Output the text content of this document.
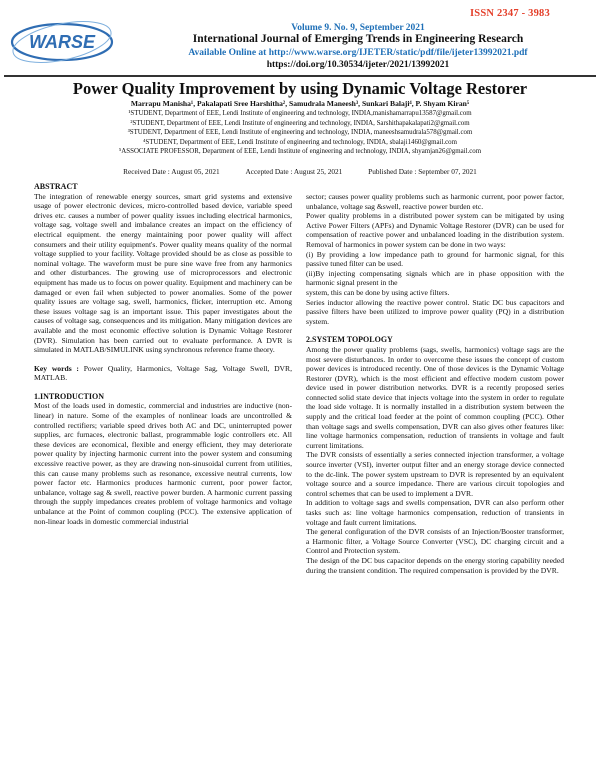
ISSN 2347 - 3983
WARSE
Volume 9. No. 9, September 2021
International Journal of Emerging Trends in Engineering Research
Available Online at http://www.warse.org/IJETER/static/pdf/file/ijeter13992021.pdf
https://doi.org/10.30534/ijeter/2021/13992021
Power Quality Improvement by using Dynamic Voltage Restorer
Marrapu Manisha¹, Pakalapati Sree Harshitha², Samudrala Maneesh³, Sunkari Balaji⁴, P. Shyam Kiran⁵
¹STUDENT, Department of EEE, Lendi Institute of engineering and technology, INDIA,manishamarrapu13587@gmail.com
²STUDENT, Department of EEE, Lendi Institute of engineering and technology, INDIA, Sarshithapakalapati2@gmail.com
³STUDENT, Department of EEE, Lendi Institute of engineering and technology, INDIA, maneeshsamudrala578@gmail.com
⁴STUDENT, Department of EEE, Lendi Institute of engineering and technology, INDIA, sbalaji1460@gmail.com
⁵ASSOCIATE PROFESSOR, Department of EEE, Lendi Institute of engineering and technology, INDIA, shyamjan26@gmail.com
Received Date : August 05, 2021	Accepted Date : August 25, 2021	Published Date : September 07, 2021

ABSTRACT

The integration of renewable energy sources, smart grid systems and extensive usage of power electronic devices, micro-controlled based device, variable speed drives etc. causes a number of power quality issues including electrical harmonics, voltage sag, voltage swell and imbalance creates an impact on the efficiency of electrical equipment. the energy maintaining poor power quality will affect consumers and their utility equipment's. Power quality means quality of the normal voltage supplied to your facility. Voltage provided should be as close as possible to nominal voltage. The waveform must be pure sine wave free from any harmonics and other disturbances. The growing use of microprocessors and electronic equipment has made us to focus on power quality. Equipment and machinery can be damaged or even fail when subjected to power anomalies. Some of the power quality issues are voltage sag, swell, harmonics, flicker, interruption etc. Among these issues voltage sag is an important issue. This paper investigates about the causes of voltage sag, consequences and its mitigation. Many mitigation devices are available and the most economic effective solution is Dynamic Voltage Restorer (DVR). Simulation has been carried out to evaluate performance. A DVR is simulated in MATLAB/SIMULINK using synchronous reference frame theory.

Key words : Power Quality, Harmonics, Voltage Sag, Voltage Swell, DVR, MATLAB.

1.INTRODUCTION

Most of the loads used in domestic, commercial and industries are inductive (non-linear) in nature. Some of the examples of nonlinear loads are uncontrolled & controlled rectifiers; variable speed drives both AC and DC, uninterrupted power supplies, arc furnaces, electronic ballast, programmable logic controllers etc. All these devices are economical, flexible and energy efficient, they may deteriorate power quality by injecting harmonic current into the power system and consuming excessive reactive power, as they are drawing non-sinusoidal current from utilities, this can cause many problems such as resonance, excessive neutral currents, low power factor etc. Harmonics produces harmonic current, poor power factor, unbalance, voltage sag & swell, reactive power burden. A harmonic current passing through the supply impedances creates problem of voltage harmonics and voltage unbalance at the Point of common coupling (PCC). The extensive application of non-linear loads in domestic commercial industrial

sector; causes power quality problems such as harmonic current, poor power factor, unbalance, voltage sag &swell, reactive power burden etc.

Power quality problems in a distributed power system can be mitigated by using Active Power Filters (APFs) and Dynamic Voltage Restorer (DVR) can be used for compensation of reactive power and unbalanced loading in the distribution system. Removal of harmonics in power system can be done in two ways:

(i) By providing a low impedance path to ground for harmonic signal, for this passive tuned filter can be used.

(ii)By injecting compensating signals which are in phase opposition with the harmonic signal present in the

system, this can be done by using active filters.

Series inductor allowing the reactive power control. Static DC bus capacitors and passive filters have been utilized to improve power quality (PQ) in a distribution system.

2.SYSTEM TOPOLOGY

Among the power quality problems (sags, swells, harmonics) voltage sags are the most severe disturbances. In order to overcome these issues the concept of custom power devices is introduced recently. One of those devices is the Dynamic Voltage Restorer (DVR), which is the most efficient and effective modern custom power device used in power distribution networks. DVR is a recently proposed series connected solid state device that injects voltage into the system in order to regulate the load side voltage. It is normally installed in a distribution system between the supply and the critical load feeder at the point of common coupling (PCC). Other than voltage sags and swells compensation, DVR can also gives other features like: line voltage harmonics compensation, reduction of transients in voltage and fault current limitations.

The DVR consists of essentially a series connected injection transformer, a voltage source inverter (VSI), inverter output filter and an energy storage device connected to the dc-link. The power system upstream to DVR is represented by an equivalent voltage source and a source impedance. There are various circuit topologies and control schemes that can be used to implement a DVR.

In addition to voltage sags and swells compensation, DVR can also perform other tasks such as: line voltage harmonics compensation, reduction of transients in voltage and fault current limitations.

The general configuration of the DVR consists of an Injection/Booster transformer, a Harmonic filter, a Voltage Source Converter (VSC), DC charging circuit and a Control and Protection system.

The design of the DC bus capacitor depends on the energy storing capability needed during the transient condition. The required compensation is provided by the DVR.
